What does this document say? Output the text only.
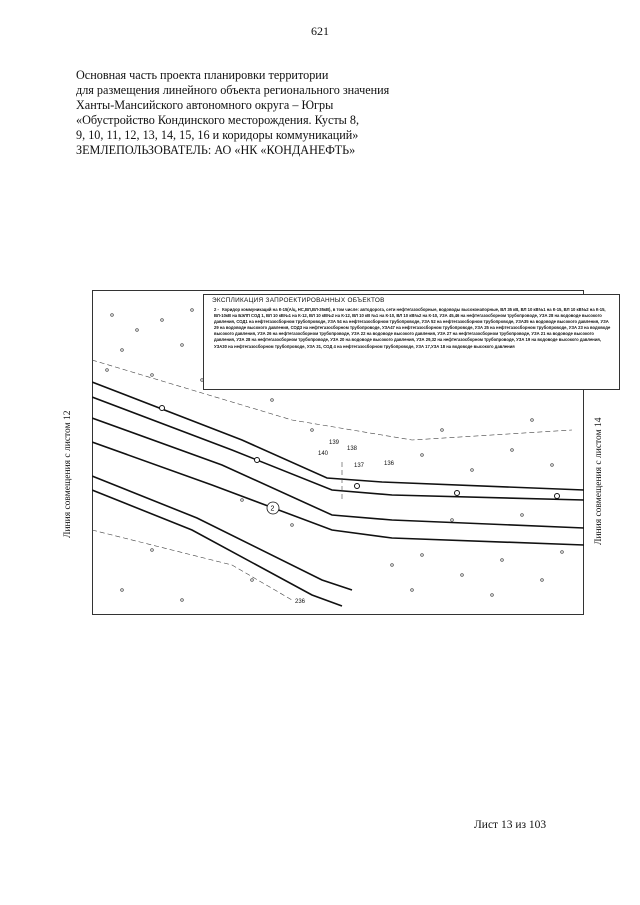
621
Основная часть проекта планировки территории
для размещения линейного объекта регионального значения
Ханты-Мансийского автономного округа – Югры
«Обустройство Кондинского месторождения. Кусты 8,
9, 10, 11, 12, 13, 14, 15, 16 и коридоры коммуникаций»
ЗЕМЛЕПОЛЬЗОВАТЕЛЬ: АО «НК «КОНДАНЕФТЬ»
139
140
138
137	136
236
2
ЭКСПЛИКАЦИЯ ЗАПРОЕКТИРОВАННЫХ ОБЪЕКТОВ
2 - Коридор коммуникаций на К-15(А/ц, НС,ВЛ,ВЛ-35кВ), в том числе: автодорога, сети нефтегазосборные, водоводы высоконапорные, ВЛ 35 кВ, ВЛ 10 кВ№1 на К-15, ВЛ 10 кВ№2 на К-15, ВЛ-10кВ на БЭЛП СОД 1, ВЛ 10 кВ№1 на К-12, ВЛ 10 кВ№2 на К-12, ВЛ 10 кВ №1 на К-10, ВЛ 10 кВ№2 на К-10, УЗА 45,46 на нефтегазосборном трубопроводе, УЗА 28 на водоводе высокого давления, СОД1 на нефтегазосборном трубопроводе, УЗА 54 на нефтегазосборном трубопроводе, УЗА 52 на нефтегазосборном трубопроводе, УЗА35 на водоводе высокого давления, УЗА 29 на водоводе высокого давления, СОД3 на нефтегазосборном трубопроводе, УЗА47 на нефтегазосборном трубопроводе, УЗА 25 на нефтегазосборном трубопроводе, УЗА 23 на водоводе высокого давления, УЗА 26 на нефтегазосборном трубопроводе, УЗА 22 на водоводе высокого давления, УЗА 27 на нефтегазосборном трубопроводе, УЗА 21 на водоводе высокого давления, УЗА 28 на нефтегазосборном трубопроводе, УЗА 20 на водоводе высокого давления, УЗА 29,32 на нефтегазосборном трубопроводе, УЗА 19 на водоводе высокого давления, УЗА30 на нефтегазосборном трубопроводе, УЗА 31, СОД 4 на нефтегазосборном трубопроводе, УЗА 17,УЗА 18 на водоводе высокого давления
Линия совмещения с листом 12	Линия совмещения с листом 14
Лист 13 из 103
